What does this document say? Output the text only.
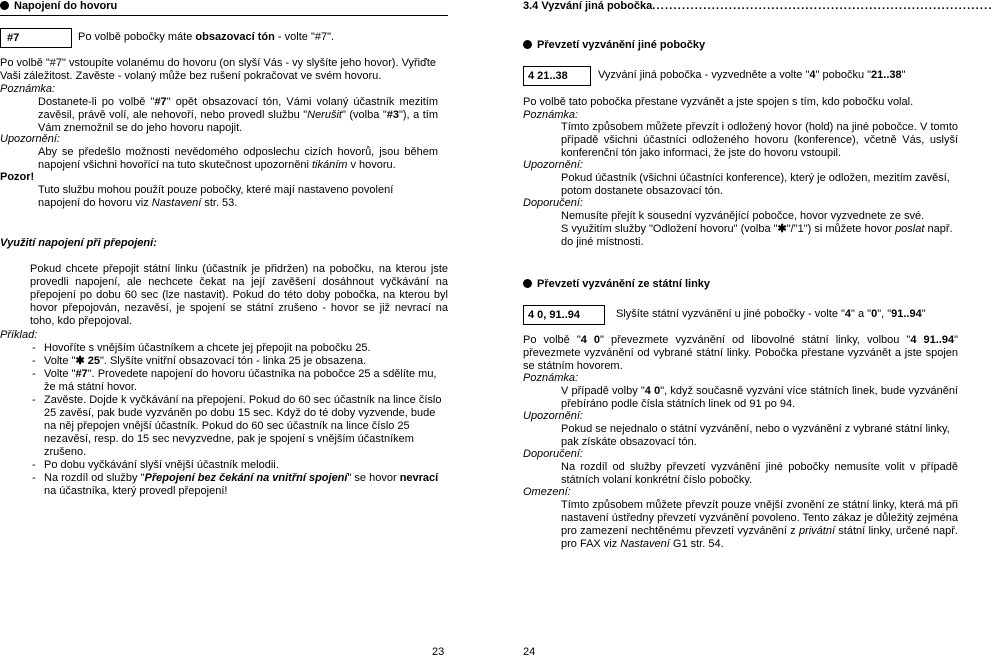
Napojení do hovoru
#7	Po volbě pobočky máte obsazovací tón - volte "#7".

Po volbě "#7" vstoupíte volanému do hovoru (on slyší Vás - vy slyšíte jeho hovor). Vyřiďte Vaši záležitost. Zavěste - volaný může bez rušení pokračovat ve svém hovoru.

Poznámka:
Dostanete-li po volbě "#7" opět obsazovací tón, Vámi volaný účastník mezitím zavěsil, právě volí, ale nehovoří, nebo provedl službu "Nerušit" (volba "#3"), a tím Vám znemožnil se do jeho hovoru napojit.
Upozornění:
Aby se předešlo možnosti nevědomého odposlechu cizích hovorů, jsou během napojení všichni hovořící na tuto skutečnost upozorněni tikáním v hovoru.
Pozor!
Tuto službu mohou použít pouze pobočky, které mají nastaveno povolení napojení do hovoru viz Nastavení str. 53.
Využití napojení při přepojení:

Pokud chcete přepojit státní linku (účastník je přidržen) na pobočku, na kterou jste provedli napojení, ale nechcete čekat na její zavěšení dosáhnout vyčkávání na přepojení po dobu 60 sec (lze nastavit). Pokud do této doby pobočka, na kterou byl hovor přepojován, nezavěsí, je spojení se státní zrušeno - hovor se již nevrací na toho, kdo přepojoval.

Příklad:
- Hovoříte s vnějším účastníkem a chcete jej přepojit na pobočku 25.
- Volte "✱ 25". Slyšíte vnitřní obsazovací tón - linka 25 je obsazena.
- Volte "#7". Provedete napojení do hovoru účastníka na pobočce 25 a sdělíte mu, že má státní hovor.
- Zavěste. Dojde k vyčkávání na přepojení. Pokud do 60 sec účastník na lince číslo 25 zavěsí, pak bude vyzváněn po dobu 15 sec. Když do té doby vyzvende, bude na něj přepojen vnější účastník. Pokud do 60 sec účastník na lince číslo 25 nezavěsí, resp. do 15 sec nevyzvedne, pak je spojení s vnějším účastníkem zrušeno.
- Po dobu vyčkávání slyší vnější účastník melodii.
- Na rozdíl od služby "Přepojení bez čekání na vnitřní spojení" se hovor nevrací na účastníka, který provedl přepojení!
23
3.4 Vyzvání jiná pobočka................................................................................
Převzetí vyzvánění jiné pobočky
4 21..38	Vyzvání jiná pobočka - vyzvedněte a volte "4" pobočku "21..38"

Po volbě tato pobočka přestane vyzvánět a jste spojen s tím, kdo pobočku volal.

Poznámka:
Tímto způsobem můžete převzít i odložený hovor (hold) na jiné pobočce. V tomto případě všichni účastníci odloženého hovoru (konference), včetně Vás, uslyší konferenční tón jako informaci, že jste do hovoru vstoupil.
Upozornění:
Pokud účastník (všichni účastníci konference), který je odložen, mezitím zavěsí, potom dostanete obsazovací tón.
Doporučení:
Nemusíte přejít k sousední vyzvánějící pobočce, hovor vyzvednete ze své.
S využitím služby "Odložení hovoru" (volba "✱"/"1") si můžete hovor poslat např. do jiné místnosti.
Převzetí vyzvánění ze státní linky
4 0, 91..94	Slyšíte státní vyzvánění u jiné pobočky - volte "4" a "0", "91..94"
Po volbě "4 0" převezmete vyzvánění od libovolné státní linky, volbou "4 91..94" převezmete vyzvánění od vybrané státní linky. Pobočka přestane vyzvánět a jste spojen se státním hovorem.
Poznámka:
V případě volby "4 0", když současně vyzvání více státních linek, bude vyzvánění přebíráno podle čísla státních linek od 91 po 94.
Upozornění:
Pokud se nejednalo o státní vyzvánění, nebo o vyzvánění z vybrané státní linky, pak získáte obsazovací tón.
Doporučení:
Na rozdíl od služby převzetí vyzvánění jiné pobočky nemusíte volit v případě státních volaní konkrétní číslo pobočky.
Omezení:
Tímto způsobem můžete převzít pouze vnější zvonění ze státní linky, která má při nastavení ústředny převzetí vyzvánění povoleno. Tento zákaz je důležitý zejména pro zamezení nechtěnému převzetí vyzvánění z privátní státní linky, určené např. pro FAX viz Nastavení G1 str. 54.
24
